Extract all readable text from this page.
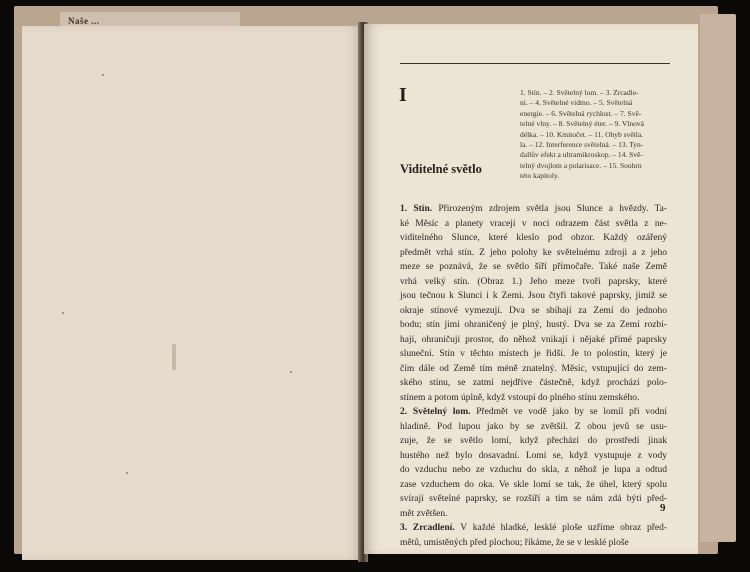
Naše ...
I
Viditelné světlo
1. Stín. – 2. Světelný lom. – 3. Zrcadle-
ní. – 4. Světelné vidmo. – 5. Světelná
energie. – 6. Světelná rychlost. – 7. Svě-
telné vlny. – 8. Světelný éter. – 9. Vlnová
délka. – 10. Kmitočet. – 11. Ohyb světla.
la. – 12. Interference světelná. – 13. Tyn-
dallův efekt a ultramikroskop. – 14. Svě-
telný dvojlom a polarisace. – 15. Souhrn
této kapitoly.
1. Stín. Přirozeným zdrojem světla jsou Slunce a hvězdy. Ta-
ké Měsíc a planety vracejí v noci odrazem část světla z ne-
viditelného Slunce, které kleslo pod obzor. Každý ozářený
předmět vrhá stín. Z jeho polohy ke světelnému zdroji a z jeho
meze se poznává, že se světlo šíří přímočaře. Také naše Země
vrhá velký stín. (Obraz 1.) Jeho meze tvoří paprsky, které
jsou tečnou k Slunci i k Zemi. Jsou čtyři takové paprsky, jimiž se
okraje stínové vymezují. Dva se sbíhají za Zemí do jednoho
bodu; stín jimi ohraničený je plný, hustý. Dva se za Zemí rozbí-
hají, ohraničují prostor, do něhož vnikají i nějaké přímé paprsky
sluneční. Stín v těchto místech je řidší. Je to polostín, který je
čím dále od Země tím méně znatelný. Měsíc, vstupující do zem-
ského stínu, se zatmí nejdříve částečně, když prochází polo-
stínem a potom úplně, když vstoupí do plného stínu zemského.
2. Světelný lom. Předmět ve vodě jako by se lomil při vodní
hladině. Pod lupou jako by se zvětšil. Z obou jevů se usu-
zuje, že se světlo lomí, když přechází do prostředí jinak
hustého než bylo dosavadní. Lomí se, když vystupuje z vody
do vzduchu nebo ze vzduchu do skla, z něhož je lupa a odtud
zase vzduchem do oka. Ve skle lomí se tak, že úhel, který spolu
svírají světelné paprsky, se rozšíří a tím se nám zdá býti před-
mět zvětšen.
3. Zrcadlení. V každé hladké, lesklé ploše uzříme obraz před-
mětů, umístěných před plochou; říkáme, že se v lesklé ploše
9
